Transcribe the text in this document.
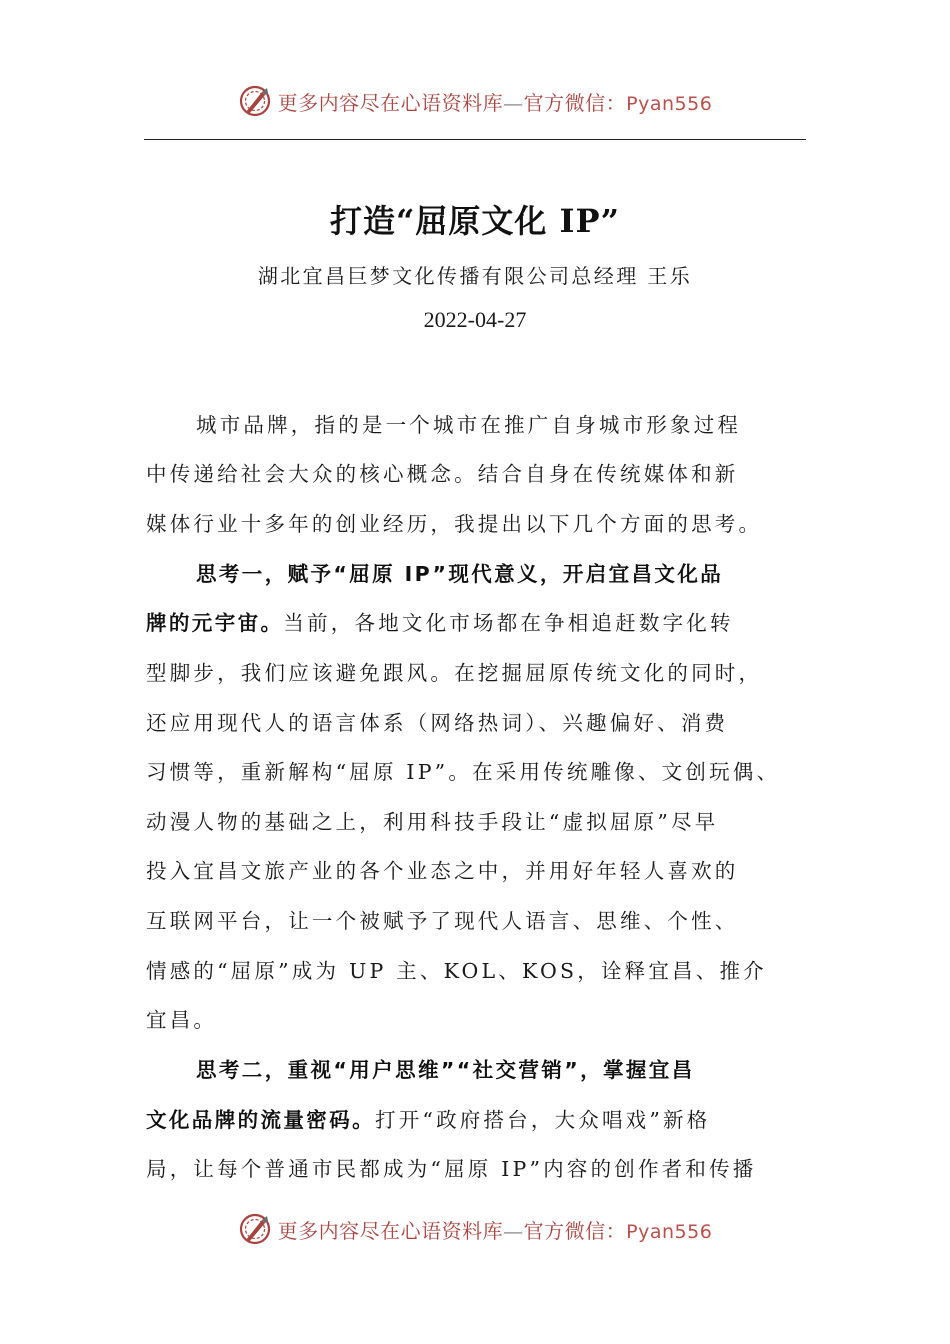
更多内容尽在心语资料库—官方微信：Pyan556
打造“屈原文化 IP”
湖北宜昌巨梦文化传播有限公司总经理 王乐
2022-04-27
城市品牌，指的是一个城市在推广自身城市形象过程
中传递给社会大众的核心概念。结合自身在传统媒体和新
媒体行业十多年的创业经历，我提出以下几个方面的思考。
思考一，赋予“屈原 IP”现代意义，开启宜昌文化品
牌的元宇宙。当前，各地文化市场都在争相追赶数字化转
型脚步，我们应该避免跟风。在挖掘屈原传统文化的同时，
还应用现代人的语言体系（网络热词）、兴趣偏好、消费
习惯等，重新解构“屈原 IP”。在采用传统雕像、文创玩偶、
动漫人物的基础之上，利用科技手段让“虚拟屈原”尽早
投入宜昌文旅产业的各个业态之中，并用好年轻人喜欢的
互联网平台，让一个被赋予了现代人语言、思维、个性、
情感的“屈原”成为 UP 主、KOL、KOS，诠释宜昌、推介
宜昌。
思考二，重视“用户思维”“社交营销”，掌握宜昌
文化品牌的流量密码。打开“政府搭台，大众唱戏”新格
局，让每个普通市民都成为“屈原 IP”内容的创作者和传播
更多内容尽在心语资料库—官方微信：Pyan556
